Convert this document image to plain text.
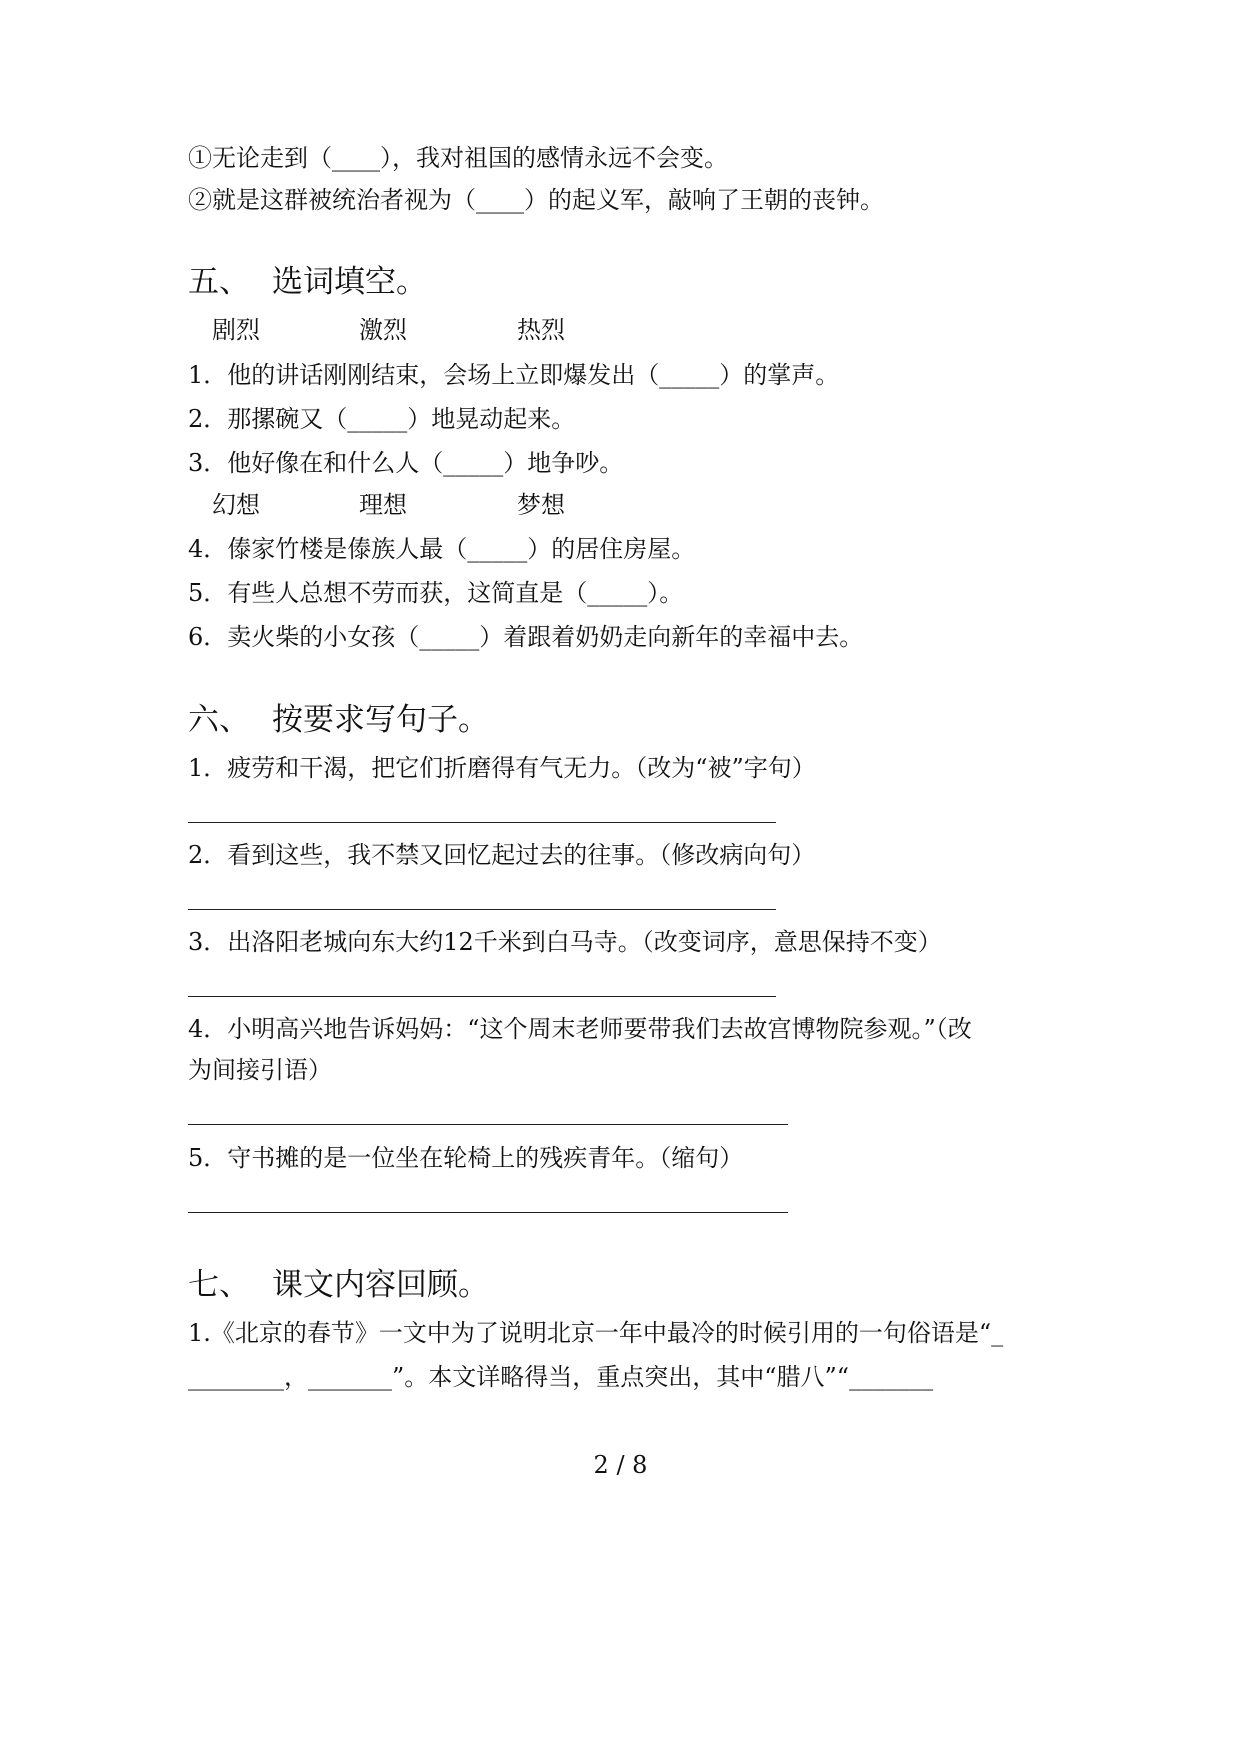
①无论走到（____），我对祖国的感情永远不会变。
②就是这群被统治者视为（____）的起义军，敲响了王朝的丧钟。
五、 选词填空。
剧烈	激烈	热烈
1．他的讲话刚刚结束，会场上立即爆发出（_____）的掌声。
2．那摞碗又（_____）地晃动起来。
3．他好像在和什么人（_____）地争吵。
幻想	理想	梦想
4．傣家竹楼是傣族人最（_____）的居住房屋。
5．有些人总想不劳而获，这简直是（_____）。
6．卖火柴的小女孩（_____）着跟着奶奶走向新年的幸福中去。
六、 按要求写句子。
1．疲劳和干渴，把它们折磨得有气无力。（改为“被”字句）
2．看到这些，我不禁又回忆起过去的往事。（修改病向句）
3．出洛阳老城向东大约12千米到白马寺。（改变词序，意思保持不变）
4．小明高兴地告诉妈妈：“这个周末老师要带我们去故宫博物院参观。”（改
为间接引语）
5．守书摊的是一位坐在轮椅上的残疾青年。（缩句）
七、 课文内容回顾。
1.《北京的春节》一文中为了说明北京一年中最冷的时候引用的一句俗语是“_
________，_______”。本文详略得当，重点突出，其中“腊八”“_______
2 / 8
